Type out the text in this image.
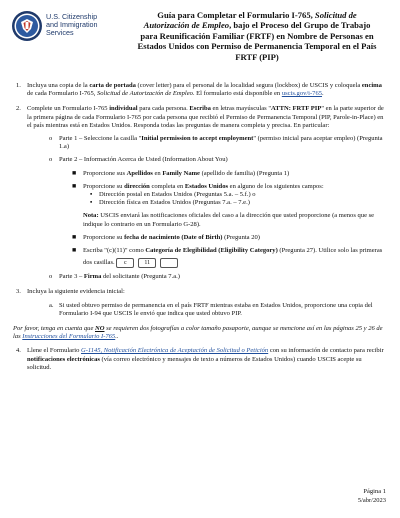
U.S. Citizenship
and Immigration
Services
Guía para Completar el Formulario I-765, Solicitud de
Autorización de Empleo, bajo el Proceso del Grupo de Trabajo
para Reunificación Familiar (FRTF) en Nombre de Personas en
Estados Unidos con Permiso de Permanencia Temporal en el País
FRTF (PIP)
1. Incluya una copia de la carta de portada (cover letter) para el personal de la localidad segura (lockbox) de USCIS y coloquela encima de cada Formulario I-765, Solicitud de Autorización de Empleo. El formulario está disponible en uscis.gov/i-765.
2. Complete un Formulario I-765 individual para cada persona. Escriba en letras mayúsculas "ATTN: FRTF PIP" en la parte superior de la primera página de cada Formulario I-765 por cada persona que recibió el Permiso de Permanencia Temporal (PIP, Parole-in-Place) en el país mientras está en Estados Unidos. Responda todas las preguntas de manera completa y precisa. En particular:
o Parte 1 – Seleccione la casilla "Initial permission to accept employment" (permiso inicial para aceptar empleo) (Pregunta 1.a)
o Parte 2 – Información Acerca de Usted (Information About You)
■ Proporcione sus Apellidos en Family Name (apellido de familia) (Pregunta 1)
■ Proporcione su dirección completa en Estados Unidos en alguno de los siguientes campos:
▪ Dirección postal en Estados Unidos (Preguntas 5.a. – 5.f.) o
▪ Dirección física en Estados Unidos (Preguntas 7.a. – 7.e.)
Nota: USCIS enviará las notificaciones oficiales del caso a la dirección que usted proporcione (a menos que se indique lo contrario en un Formulario G-28).
■ Proporcione su fecha de nacimiento (Date of Birth) (Pregunta 20)
■ Escriba "(c)(11)" como Categoría de Elegibilidad (Eligibility Category) (Pregunta 27). Utilice solo las primeras dos casillas.	c	11
o Parte 3 – Firma del solicitante (Pregunta 7.a.)
3. Incluya la siguiente evidencia inicial:
a. Si usted obtuvo permiso de permanencia en el país FRTF mientras estaba en Estados Unidos, proporcione una copia del Formulario I-94 que USCIS le envió que indica que usted obtuvo PIP.
Por favor, tenga en cuenta que NO se requieren dos fotografías a color tamaño pasaporte, aunque se mencione así en las páginas 25 y 26 de las Instrucciones del Formulario I-765..
4. Llene el Formulario G-1145, Notificación Electrónica de Aceptación de Solicitud o Petición con su información de contacto para recibir notificaciones electrónicas (vía correo electrónico y mensajes de texto a números de Estados Unidos) cuando USCIS acepte su solicitud.
Página 1
5/abr/2023
